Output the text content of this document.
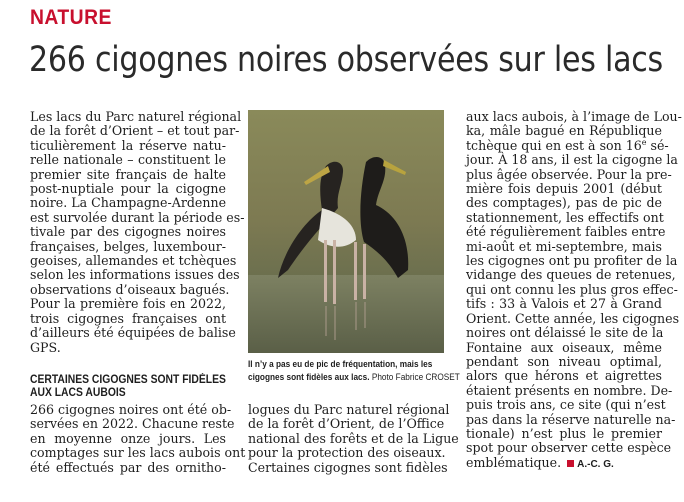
NATURE
266 cigognes noires observées sur les lacs

Les lacs du Parc naturel régional

de la forêt d’Orient – et tout par-

ticulièrement la réserve natu-

relle nationale – constituent le

premier site français de halte

post-nuptiale pour la cigogne

noire. La Champagne-Ardenne

est survolée durant la période es-

tivale par des cigognes noires

françaises, belges, luxembour-

geoises, allemandes et tchèques

selon les informations issues des

observations d’oiseaux bagués.

Pour la première fois en 2022,

trois cigognes françaises ont

d’ailleurs été équipées de balise

GPS.

CERTAINES CIGOGNES SONT FIDÈLES
AUX LACS AUBOIS

266 cigognes noires ont été ob-

servées en 2022. Chacune reste

en moyenne onze jours. Les

comptages sur les lacs aubois ont

été effectués par des ornitho-

Il n’y a pas eu de pic de fréquentation, mais les
cigognes sont fidèles aux lacs. Photo Fabrice CROSET

logues du Parc naturel régional

de la forêt d’Orient, de l’Office

national des forêts et de la Ligue

pour la protection des oiseaux.

Certaines cigognes sont fidèles

aux lacs aubois, à l’image de Lou-

ka, mâle bagué en République

tchèque qui en est à son 16e sé-

jour. À 18 ans, il est la cigogne la

plus âgée observée. Pour la pre-

mière fois depuis 2001 (début

des comptages), pas de pic de

stationnement, les effectifs ont

été régulièrement faibles entre

mi-août et mi-septembre, mais

les cigognes ont pu profiter de la

vidange des queues de retenues,

qui ont connu les plus gros effec-

tifs : 33 à Valois et 27 à Grand

Orient. Cette année, les cigognes

noires ont délaissé le site de la

Fontaine aux oiseaux, même

pendant son niveau optimal,

alors que hérons et aigrettes

étaient présents en nombre. De-

puis trois ans, ce site (qui n’est

pas dans la réserve naturelle na-

tionale) n’est plus le premier

spot pour observer cette espèce

emblématique. A.-C. G.
